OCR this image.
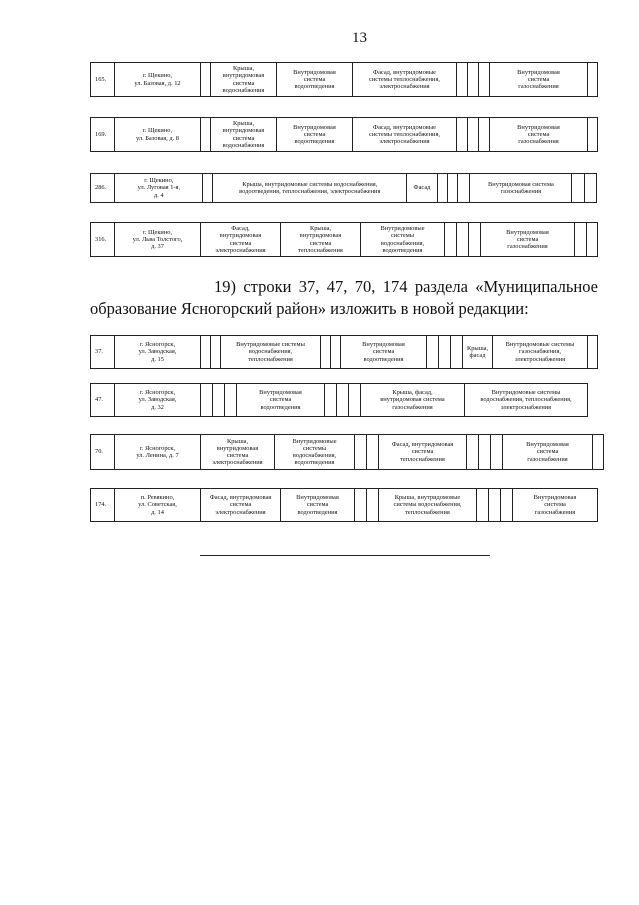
13
165.	г. Щекино,
ул. Базовая, д. 12		Крыша,
внутридомовая
система
водоснабжения	Внутридомовая
система
водоотведения	Фасад, внутридомовые
системы теплоснабжения,
электроснабжения				Внутридомовая
система
газоснабжения	
169.	г. Щекино,
ул. Базовая, д. 8		Крыша,
внутридомовая
система
водоснабжения	Внутридомовая
система
водоотведения	Фасад, внутридомовые
системы теплоснабжения,
электроснабжения				Внутридомовая
система
газоснабжения	
286.	г. Щекино,
ул. Луговая 1-я,
д. 4		Крыша, внутридомовые системы водоснабжения,
водоотведения, теплоснабжения, электроснабжения	Фасад				Внутридомовая система
газоснабжения		
316.	г. Щекино,
ул. Льва Толстого,
д. 37	Фасад,
внутридомовая
система
электроснабжения	Крыша,
внутридомовая
система
теплоснабжения	Внутридомовые
системы
водоснабжения,
водоотведения				Внутридомовая
система
газоснабжения		
19) строки 37, 47, 70, 174 раздела «Муниципальное образование Ясногорский район» изложить в новой редакции:
37.	г. Ясногорск,
ул. Заводская,
д. 15			Внутридомовые системы
водоснабжения,
теплоснабжения			Внутридомовая
система
водоотведения				Крыша,
фасад	Внутридомовые системы
газоснабжения,
электроснабжения	
47.	г. Ясногорск,
ул. Заводская,
д. 32				Внутридомовая
система
водоотведения				Крыша, фасад,
внутридомовая система
газоснабжения	Внутридомовые системы
водоснабжения, теплоснабжения,
электроснабжения
70.	г. Ясногорск,
ул. Ленина, д. 7	Крыша,
внутридомовая
система
электроснабжения	Внутридомовые
системы
водоснабжения,
водоотведения			Фасад, внутридомовая
система
теплоснабжения				Внутридомовая
система
газоснабжения	
174.	п. Ревякино,
ул. Советская,
д. 14	Фасад, внутридомовая
система
электроснабжения	Внутридомовая
система
водоотведения			Крыша, внутридомовые
системы водоснабжения,
теплоснабжения				Внутридомовая
система
газоснабжения
